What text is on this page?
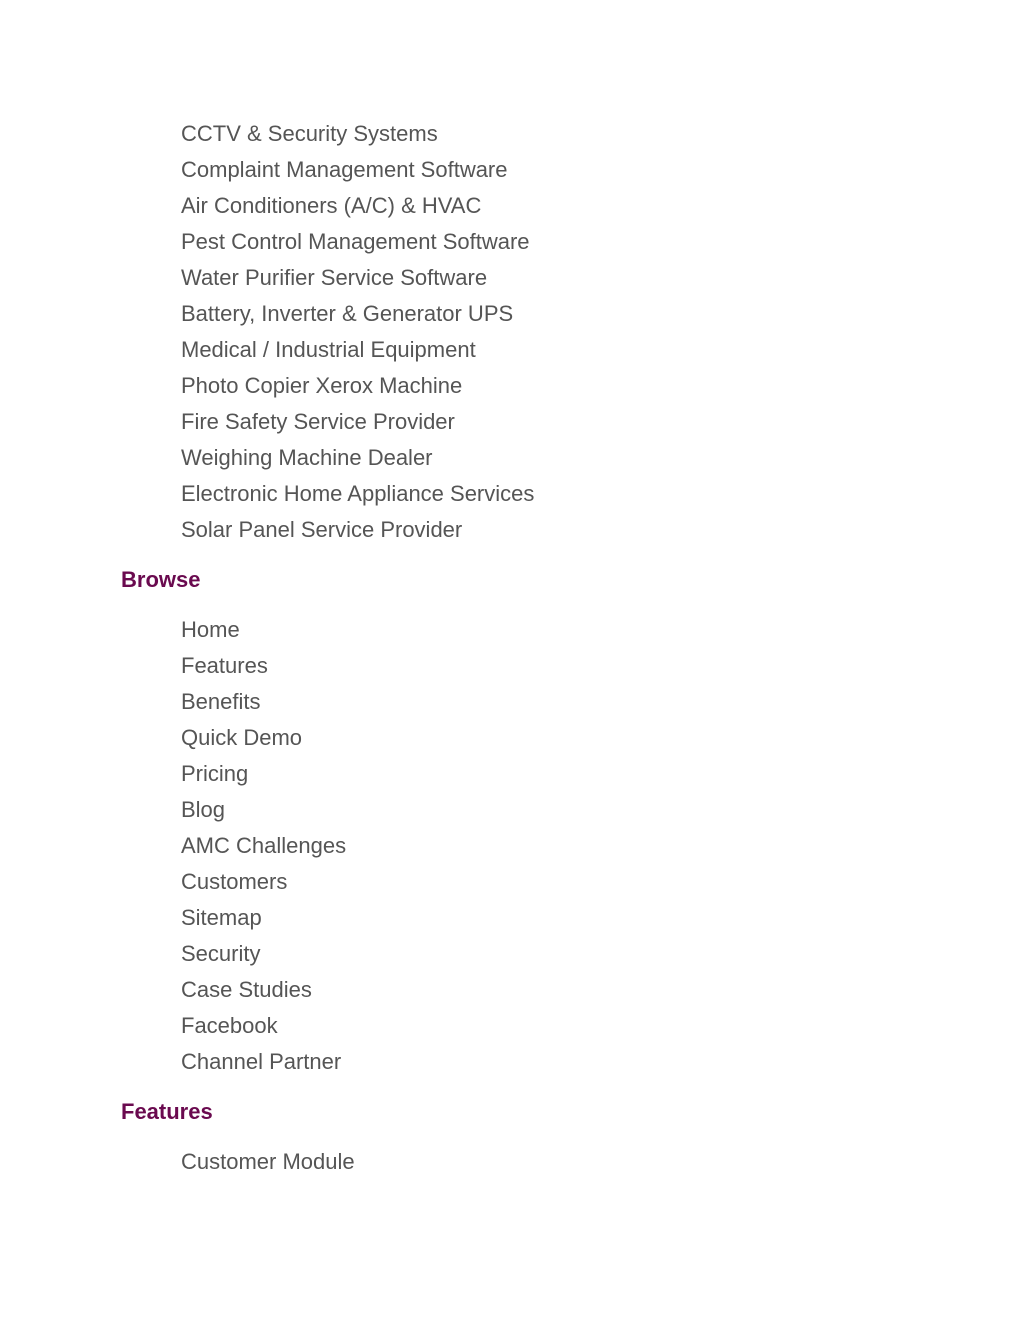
CCTV & Security Systems
Complaint Management Software
Air Conditioners (A/C) & HVAC
Pest Control Management Software
Water Purifier Service Software
Battery, Inverter & Generator UPS
Medical / Industrial Equipment
Photo Copier Xerox Machine
Fire Safety Service Provider
Weighing Machine Dealer
Electronic Home Appliance Services
Solar Panel Service Provider
Browse
Home
Features
Benefits
Quick Demo
Pricing
Blog
AMC Challenges
Customers
Sitemap
Security
Case Studies
Facebook
Channel Partner
Features
Customer Module
